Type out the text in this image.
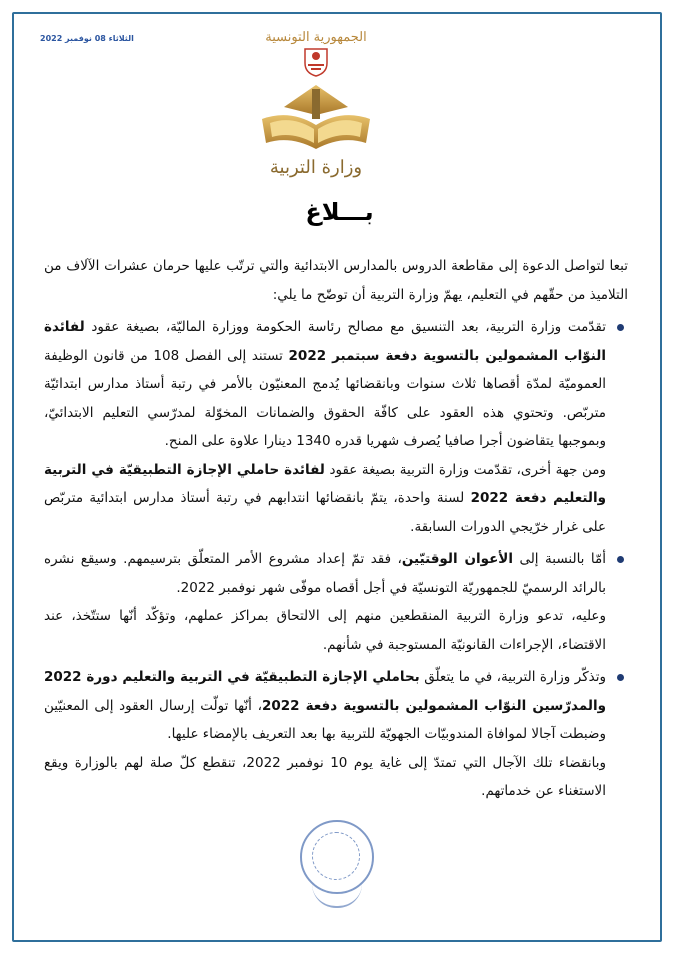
الثلاثاء 08 نوفمبر 2022	الجمهورية التونسية

وزارة التربية
بـــلاغ

تبعا لتواصل الدعوة إلى مقاطعة الدروس بالمدارس الابتدائية والتي ترتّب عليها حرمان عشرات الآلاف من التلاميذ من حقّهم في التعليم، يهمّ وزارة التربية أن توضّح ما يلي:

تقدّمت وزارة التربية، بعد التنسيق مع مصالح رئاسة الحكومة ووزارة الماليّة، بصيغة عقود لفائدة النوّاب المشمولين بالتسوية دفعة سبتمبر 2022 تستند إلى الفصل 108 من قانون الوظيفة العموميّة لمدّة أقصاها ثلاث سنوات وبانقضائها يُدمج المعنيّون بالأمر في رتبة أستاذ مدارس ابتدائيّة متربّص. وتحتوي هذه العقود على كافّة الحقوق والضمانات المخوّلة لمدرّسي التعليم الابتدائيّ، وبموجبها يتقاضون أجرا صافيا يُصرف شهريا قدره 1340 دينارا علاوة على المنح.

ومن جهة أخرى، تقدّمت وزارة التربية بصيغة عقود لفائدة حاملي الإجازة التطبيقيّة في التربية والتعليم دفعة 2022 لسنة واحدة، يتمّ بانقضائها انتدابهم في رتبة أستاذ مدارس ابتدائية متربّص على غرار خرّيجي الدورات السابقة.

أمّا بالنسبة إلى الأعوان الوقتيّين، فقد تمّ إعداد مشروع الأمر المتعلّق بترسيمهم. وسيقع نشره بالرائد الرسميّ للجمهوريّة التونسيّة في أجل أقصاه موفّى شهر نوفمبر 2022.

وعليه، تدعو وزارة التربية المنقطعين منهم إلى الالتحاق بمراكز عملهم، وتؤكّد أنّها ستتّخذ، عند الاقتضاء، الإجراءات القانونيّة المستوجبة في شأنهم.

وتذكّر وزارة التربية، في ما يتعلّق بحاملي الإجازة التطبيقيّة في التربية والتعليم دورة 2022 والمدرّسين النوّاب المشمولين بالتسوية دفعة 2022، أنّها تولّت إرسال العقود إلى المعنيّين وضبطت آجالا لموافاة المندوبيّات الجهويّة للتربية بها بعد التعريف بالإمضاء عليها.

وبانقضاء تلك الآجال التي تمتدّ إلى غاية يوم 10 نوفمبر 2022، تنقطع كلّ صلة لهم بالوزارة ويقع الاستغناء عن خدماتهم.
